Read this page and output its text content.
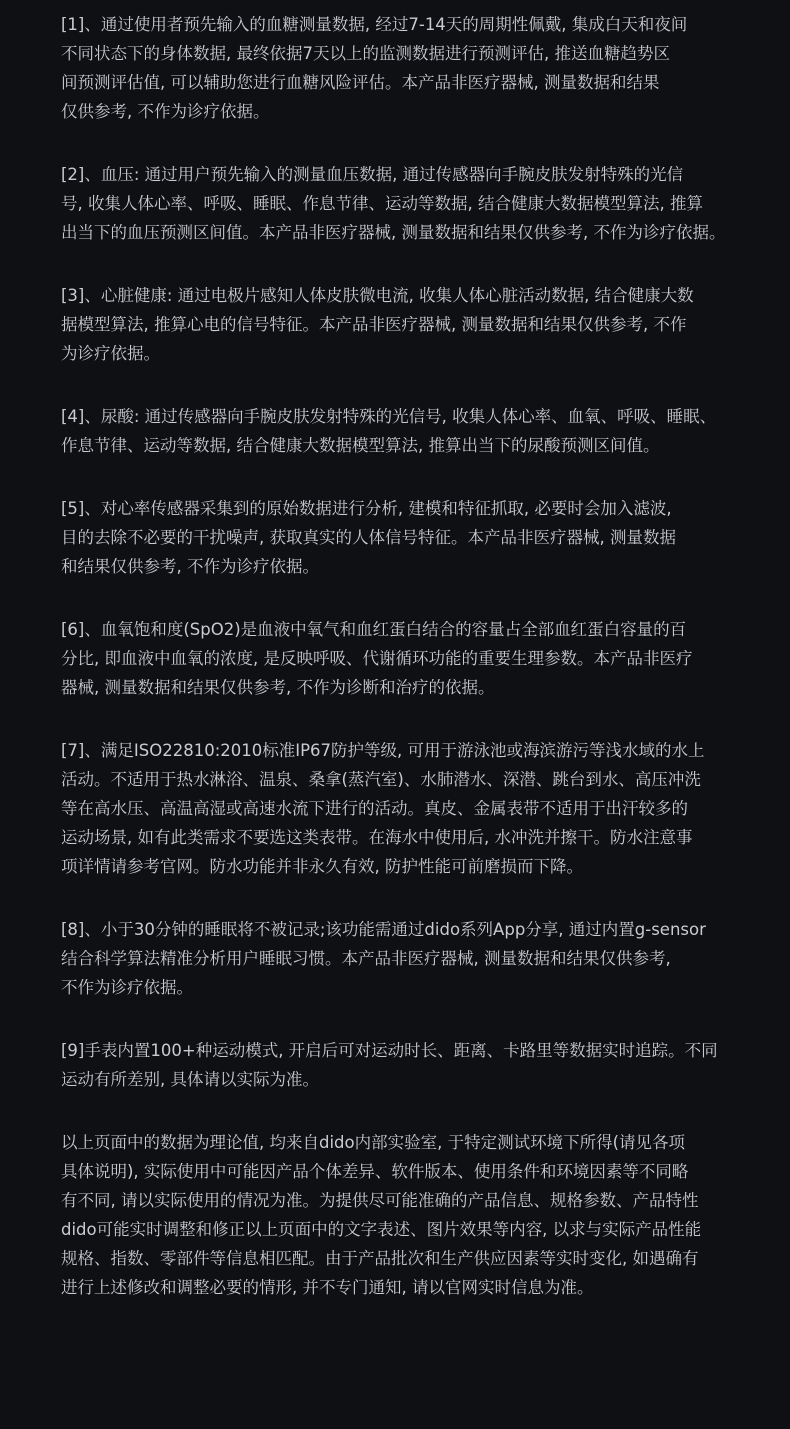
[1]、通过使用者预先输入的血糖测量数据, 经过7-14天的周期性佩戴, 集成白天和夜间
不同状态下的身体数据, 最终依据7天以上的监测数据进行预测评估, 推送血糖趋势区
间预测评估值, 可以辅助您进行血糖风险评估。本产品非医疗器械, 测量数据和结果
仅供参考, 不作为诊疗依据。
[2]、血压: 通过用户预先输入的测量血压数据, 通过传感器向手腕皮肤发射特殊的光信
号, 收集人体心率、呼吸、睡眠、作息节律、运动等数据, 结合健康大数据模型算法, 推算
出当下的血压预测区间值。本产品非医疗器械, 测量数据和结果仅供参考, 不作为诊疗依据。
[3]、心脏健康: 通过电极片感知人体皮肤微电流, 收集人体心脏活动数据, 结合健康大数
据模型算法, 推算心电的信号特征。本产品非医疗器械, 测量数据和结果仅供参考, 不作
为诊疗依据。
[4]、尿酸: 通过传感器向手腕皮肤发射特殊的光信号, 收集人体心率、血氧、呼吸、睡眠、
作息节律、运动等数据, 结合健康大数据模型算法, 推算出当下的尿酸预测区间值。
[5]、对心率传感器采集到的原始数据进行分析, 建模和特征抓取, 必要时会加入滤波,
目的去除不必要的干扰噪声, 获取真实的人体信号特征。本产品非医疗器械, 测量数据
和结果仅供参考, 不作为诊疗依据。
[6]、血氧饱和度(SpO2)是血液中氧气和血红蛋白结合的容量占全部血红蛋白容量的百
分比, 即血液中血氧的浓度, 是反映呼吸、代谢循环功能的重要生理参数。本产品非医疗
器械, 测量数据和结果仅供参考, 不作为诊断和治疗的依据。
[7]、满足ISO22810:2010标准IP67防护等级, 可用于游泳池或海滨游污等浅水域的水上
活动。不适用于热水淋浴、温泉、桑拿(蒸汽室)、水肺潜水、深潜、跳台到水、高压冲洗
等在高水压、高温高湿或高速水流下进行的活动。真皮、金属表带不适用于出汗较多的
运动场景, 如有此类需求不要选这类表带。在海水中使用后, 水冲洗并擦干。防水注意事
项详情请参考官网。防水功能并非永久有效, 防护性能可前磨损而下降。
[8]、小于30分钟的睡眠将不被记录;该功能需通过dido系列App分享, 通过内置g-sensor
结合科学算法精准分析用户睡眠习惯。本产品非医疗器械, 测量数据和结果仅供参考,
不作为诊疗依据。
[9]手表内置100+种运动模式, 开启后可对运动时长、距离、卡路里等数据实时追踪。不同
运动有所差别, 具体请以实际为准。
以上页面中的数据为理论值, 均来自dido内部实验室, 于特定测试环境下所得(请见各项
具体说明), 实际使用中可能因产品个体差异、软件版本、使用条件和环境因素等不同略
有不同, 请以实际使用的情况为准。为提供尽可能准确的产品信息、规格参数、产品特性
dido可能实时调整和修正以上页面中的文字表述、图片效果等内容, 以求与实际产品性能
规格、指数、零部件等信息相匹配。由于产品批次和生产供应因素等实时变化, 如遇确有
进行上述修改和调整必要的情形, 并不专门通知, 请以官网实时信息为准。
